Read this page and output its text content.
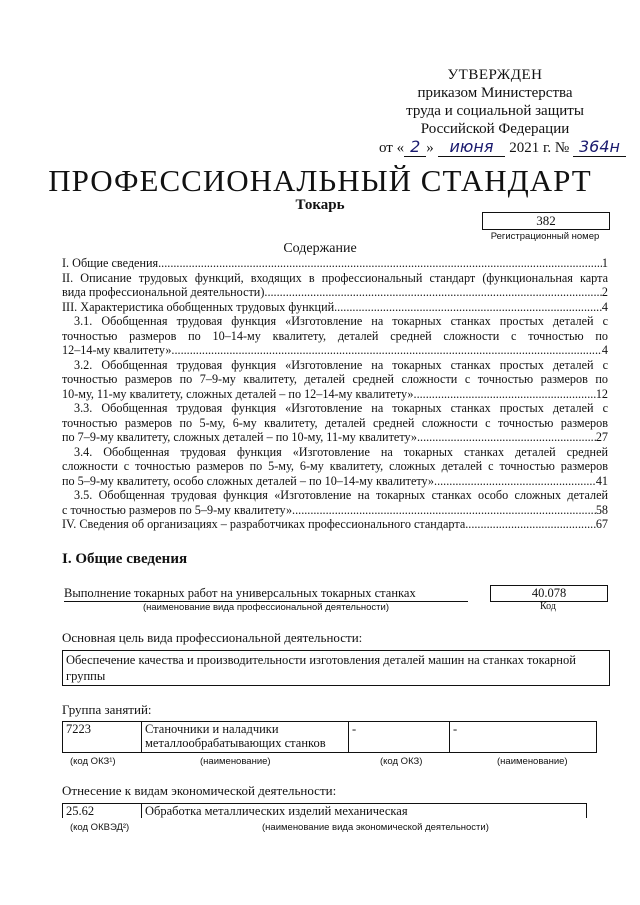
УТВЕРЖДЕН
приказом Министерства
труда и социальной защиты
Российской Федерации
от « 2 » июня 2021 г. № 364н
ПРОФЕССИОНАЛЬНЫЙ СТАНДАРТ
Токарь
382
Регистрационный номер
Содержание
I. Общие сведения .....	1
II. Описание трудовых функций, входящих в профессиональный стандарт (функциональная карта
вида профессиональной деятельности) .....	2
III. Характеристика обобщенных трудовых функций .....	4
3.1. Обобщенная трудовая функция «Изготовление на токарных станках простых деталей с
точностью размеров по 10–14-му квалитету, деталей средней сложности с точностью по
12–14-му квалитету» .....	4
3.2. Обобщенная трудовая функция «Изготовление на токарных станках простых деталей с
точностью размеров по 7–9-му квалитету, деталей средней сложности с точностью размеров по
10-му, 11-му квалитету, сложных деталей – по 12–14-му квалитету» .....	12
3.3. Обобщенная трудовая функция «Изготовление на токарных станках простых деталей с
точностью размеров по 5-му, 6-му квалитету, деталей средней сложности с точностью размеров
по 7–9-му квалитету, сложных деталей – по 10-му, 11-му квалитету» .....	27
3.4. Обобщенная трудовая функция «Изготовление на токарных станках деталей средней
сложности с точностью размеров по 5-му, 6-му квалитету, сложных деталей с точностью размеров
по 5–9-му квалитету, особо сложных деталей – по 10–14-му квалитету» .....	41
3.5. Обобщенная трудовая функция «Изготовление на токарных станках особо сложных деталей
с точностью размеров по 5–9-му квалитету» .....	58
IV. Сведения об организациях – разработчиках профессионального стандарта .....	67
I. Общие сведения
Выполнение токарных работ на универсальных токарных станках
(наименование вида профессиональной деятельности)
40.078
Код
Основная цель вида профессиональной деятельности:
Обеспечение качества и производительности изготовления деталей машин на станках токарной группы
Группа занятий:
7223	Станочники и наладчики металлообрабатывающих станков	-	-
(код ОКЗ¹)	(наименование)	(код ОКЗ)	(наименование)
Отнесение к видам экономической деятельности:
25.62	Обработка металлических изделий механическая
(код ОКВЭД²)	(наименование вида экономической деятельности)
